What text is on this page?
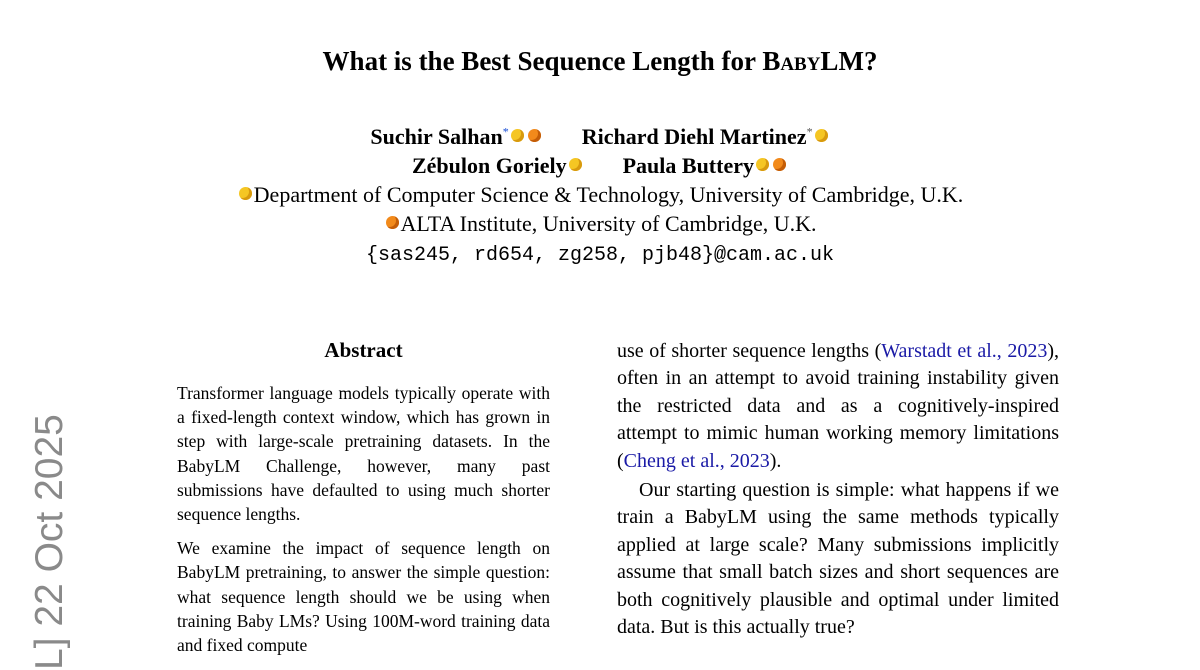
What is the Best Sequence Length for BabyLM?
Suchir Salhan*	Richard Diehl Martinez*
Zébulon Goriely	Paula Buttery
Department of Computer Science & Technology, University of Cambridge, U.K.
ALTA Institute, University of Cambridge, U.K.
{sas245, rd654, zg258, pjb48}@cam.ac.uk
L] 22 Oct 2025
Abstract

Transformer language models typically operate with a fixed-length context window, which has grown in step with large-scale pretraining datasets. In the BabyLM Challenge, however, many past submissions have defaulted to using much shorter sequence lengths.

We examine the impact of sequence length on BabyLM pretraining, to answer the simple question: what sequence length should we be using when training Baby LMs? Using 100M-word training data and fixed compute

use of shorter sequence lengths (Warstadt et al., 2023), often in an attempt to avoid training instability given the restricted data and as a cognitively-inspired attempt to mimic human working memory limitations (Cheng et al., 2023).

Our starting question is simple: what happens if we train a BabyLM using the same methods typically applied at large scale? Many submissions implicitly assume that small batch sizes and short sequences are both cognitively plausible and optimal under limited data. But is this actually true?
